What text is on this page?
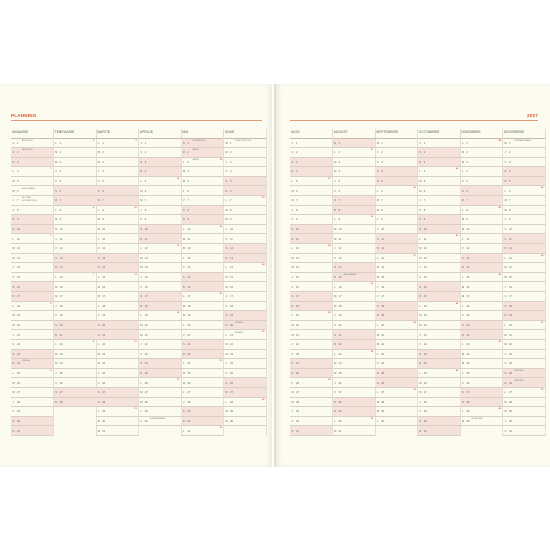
PLANNING
IANUARIE
V 1
ANUL NOU
S 2
ANUL NOU
D 3
L 4
1
M 5
M 6
BOBOTEAZA
J 7
SF. IOAN BOTEZATORUL
V 8
S 9
D 10
L 11
2
M 12
M 13
J 14
V 15
S 16
D 17
L 18
3
M 19
M 20
J 21
V 22
S 23
D 24
UNIREA
L 25
4
M 26
M 27
J 28
V 29
S 30
D 31
FEBRUARIE
L 1
5
M 2
M 3
J 4
V 5
S 6
D 7
L 8
6
M 9
M 10
J 11
V 12
S 13
D 14
L 15
7
M 16
M 17
J 18
V 19
S 20
D 21
L 22
8
M 23
M 24
J 25
V 26
S 27
D 28
MARTIE
L 1
9
M 2
M 3
J 4
V 5
S 6
D 7
L 8
10
M 9
M 10
J 11
V 12
S 13
D 14
L 15
11
M 16
M 17
J 18
V 19
S 20
D 21
L 22
12
M 23
M 24
J 25
V 26
S 27
D 28
L 29
13
M 30
M 31
APRILIE
J 1
V 2
S 3
D 4
L 5
14
M 6
M 7
J 8
V 9
S 10
D 11
L 12
15
M 13
M 14
J 15
V 16
S 17
D 18
L 19
16
M 20
M 21
J 22
V 23
S 24
D 25
L 26
17
M 27
M 28
J 29
V 30
VINEREA MARE
MAI
S 1
ZIUA MUNCII
D 2
PASTE
L 3
PASTE	18
M 4
M 5
J 6
V 7
S 8
D 9
L 10
19
M 11
M 12
J 13
V 14
S 15
D 16
L 17
20
M 18
M 19
J 20
V 21
S 22
D 23
L 24
21
M 25
M 26
J 27
V 28
S 29
D 30
L 31
22
IUNIE
M 1
ZIUA COPILULUI
M 2
J 3
V 4
S 5
D 6
L 7
23
M 8
M 9
J 10
V 11
S 12
D 13
L 14
24
M 15
M 16
J 17
V 18
S 19
D 20
RUSALII
L 21
RUSALII	25
M 22
M 23
J 24
V 25
S 26
D 27
L 28
26
M 29
M 30
2027
IULIE
J 1
V 2
S 3
D 4
L 5
27
M 6
M 7
J 8
V 9
S 10
D 11
L 12
28
M 13
M 14
J 15
V 16
S 17
D 18
L 19
29
M 20
M 21
J 22
V 23
S 24
D 25
L 26
30
M 27
M 28
J 29
V 30
S 31
AUGUST
D 1
L 2
31
M 3
M 4
J 5
V 6
S 7
D 8
L 9
32
M 10
M 11
J 12
V 13
S 14
D 15
ADORMIREA
L 16
33
M 17
M 18
J 19
V 20
S 21
D 22
L 23
34
M 24
M 25
J 26
V 27
S 28
D 29
L 30
35
M 31
SEPTEMBRIE
M 1
J 2
V 3
S 4
D 5
L 6
36
M 7
M 8
J 9
V 10
S 11
D 12
L 13
37
M 14
M 15
J 16
V 17
S 18
D 19
L 20
38
M 21
M 22
J 23
V 24
S 25
D 26
L 27
39
M 28
M 29
J 30
OCTOMBRIE
V 1
S 2
D 3
L 4
40
M 5
M 6
J 7
V 8
S 9
D 10
L 11
41
M 12
M 13
J 14
V 15
S 16
D 17
L 18
42
M 19
M 20
J 21
V 22
S 23
D 24
L 25
43
M 26
M 27
J 28
V 29
S 30
D 31
NOIEMBRIE
L 1
44
M 2
M 3
J 4
V 5
S 6
D 7
L 8
45
M 9
M 10
J 11
V 12
S 13
D 14
L 15
46
M 16
M 17
J 18
V 19
S 20
D 21
L 22
47
M 23
M 24
J 25
V 26
S 27
D 28
L 29
48
M 30
SF. ANDREI
DECEMBRIE
M 1
ZIUA NATIONALA
J 2
V 3
S 4
D 5
L 6
49
M 7
M 8
J 9
V 10
S 11
D 12
L 13
50
M 14
M 15
J 16
V 17
S 18
D 19
L 20
51
M 21
M 22
J 23
V 24
S 25
CRACIUN
D 26
CRACIUN
L 27
52
M 28
M 29
J 30
V 31
